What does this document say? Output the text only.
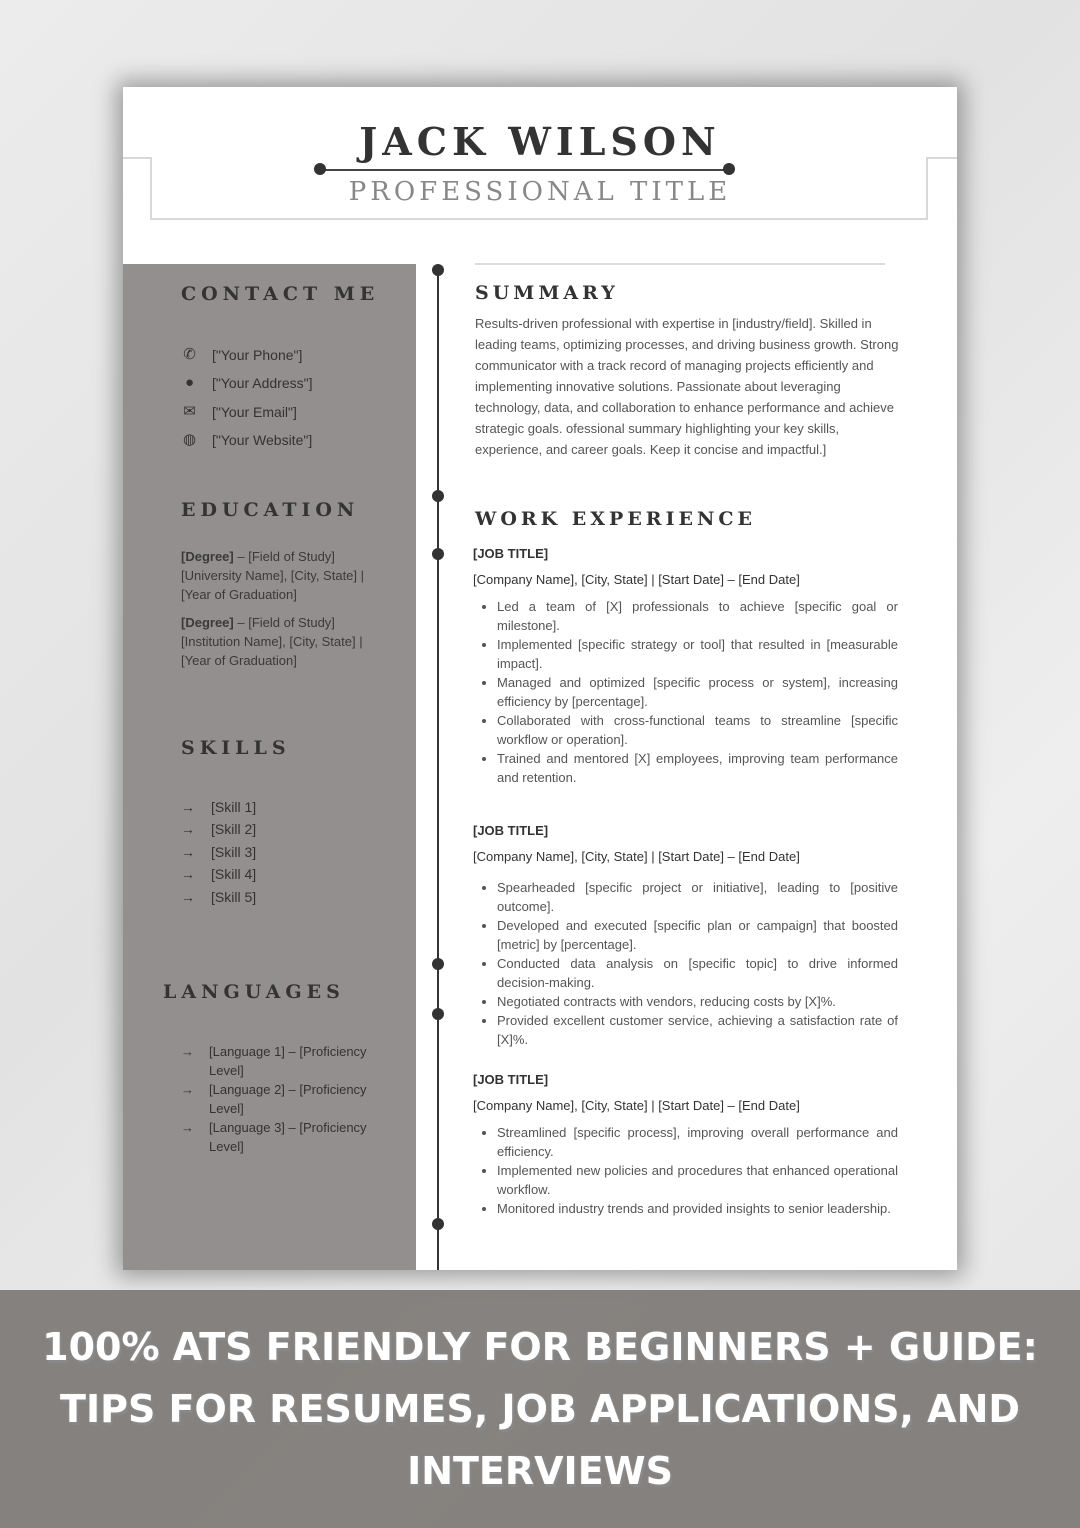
JACK WILSON
PROFESSIONAL TITLE
CONTACT ME
✆ ["Your Phone"]
● ["Your Address"]
✉ ["Your Email"]
◍ ["Your Website"]
EDUCATION
[Degree] – [Field of Study] [University Name], [City, State] | [Year of Graduation]
[Degree] – [Field of Study] [Institution Name], [City, State] | [Year of Graduation]
SKILLS
→ [Skill 1]
→ [Skill 2]
→ [Skill 3]
→ [Skill 4]
→ [Skill 5]
LANGUAGES
→	[Language 1] – [Proficiency Level]
→	[Language 2] – [Proficiency Level]
→	[Language 3] – [Proficiency Level]
SUMMARY
Results-driven professional with expertise in [industry/field]. Skilled in leading teams, optimizing processes, and driving business growth. Strong communicator with a track record of managing projects efficiently and implementing innovative solutions. Passionate about leveraging technology, data, and collaboration to enhance performance and achieve strategic goals. ofessional summary highlighting your key skills, experience, and career goals. Keep it concise and impactful.]
WORK EXPERIENCE
[JOB TITLE]
[Company Name], [City, State] | [Start Date] – [End Date]
• Led a team of [X] professionals to achieve [specific goal or milestone].
• Implemented [specific strategy or tool] that resulted in [measurable impact].
• Managed and optimized [specific process or system], increasing efficiency by [percentage].
• Collaborated with cross-functional teams to streamline [specific workflow or operation].
• Trained and mentored [X] employees, improving team performance and retention.
[JOB TITLE]
[Company Name], [City, State] | [Start Date] – [End Date]
• Spearheaded [specific project or initiative], leading to [positive outcome].
• Developed and executed [specific plan or campaign] that boosted [metric] by [percentage].
• Conducted data analysis on [specific topic] to drive informed decision-making.
• Negotiated contracts with vendors, reducing costs by [X]%.
• Provided excellent customer service, achieving a satisfaction rate of [X]%.
[JOB TITLE]
[Company Name], [City, State] | [Start Date] – [End Date]
• Streamlined [specific process], improving overall performance and efficiency.
• Implemented new policies and procedures that enhanced operational workflow.
• Monitored industry trends and provided insights to senior leadership.
100% ATS FRIENDLY FOR BEGINNERS + GUIDE:
TIPS FOR RESUMES, JOB APPLICATIONS, AND
INTERVIEWS
